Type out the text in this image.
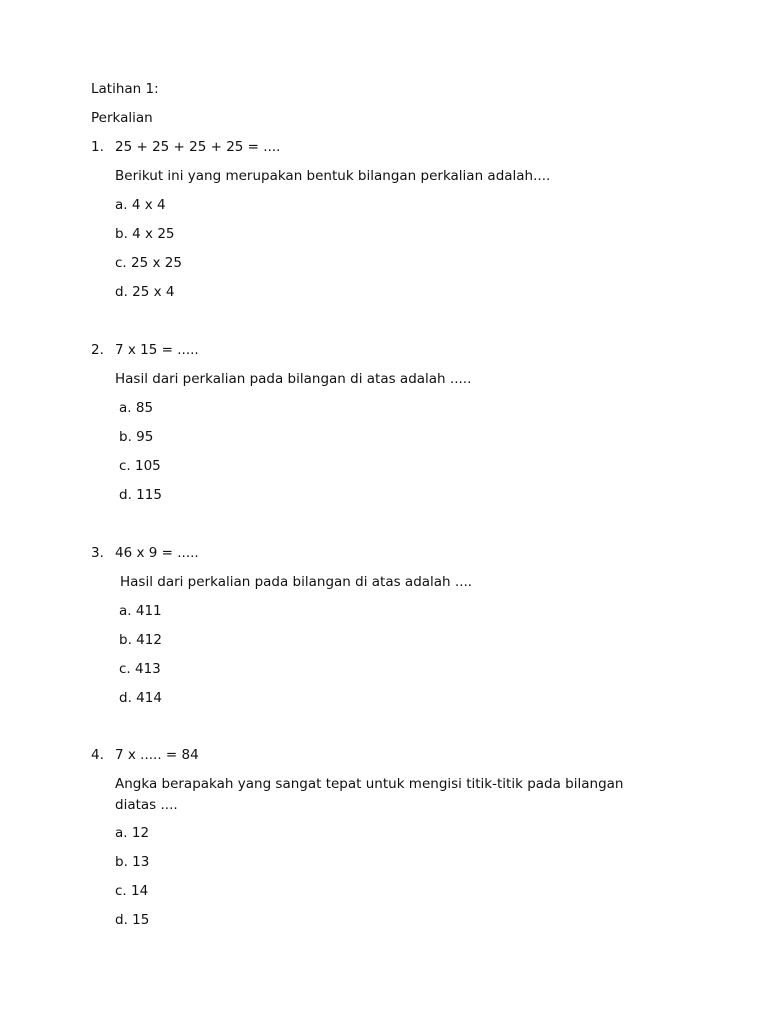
Latihan 1:
Perkalian
1. 25 + 25 + 25 + 25 = ....
Berikut ini yang merupakan bentuk bilangan perkalian adalah....
a. 4 x 4
b. 4 x 25
c. 25 x 25
d. 25 x 4
2. 7 x 15 = .....
Hasil dari perkalian pada bilangan di atas adalah .....
a. 85
b. 95
c. 105
d. 115
3. 46 x 9 = .....
Hasil dari perkalian pada bilangan di atas adalah ....
a. 411
b. 412
c. 413
d. 414
4. 7 x ..... = 84
Angka berapakah yang sangat tepat untuk mengisi titik-titik pada bilangan
diatas ....
a. 12
b. 13
c. 14
d. 15
